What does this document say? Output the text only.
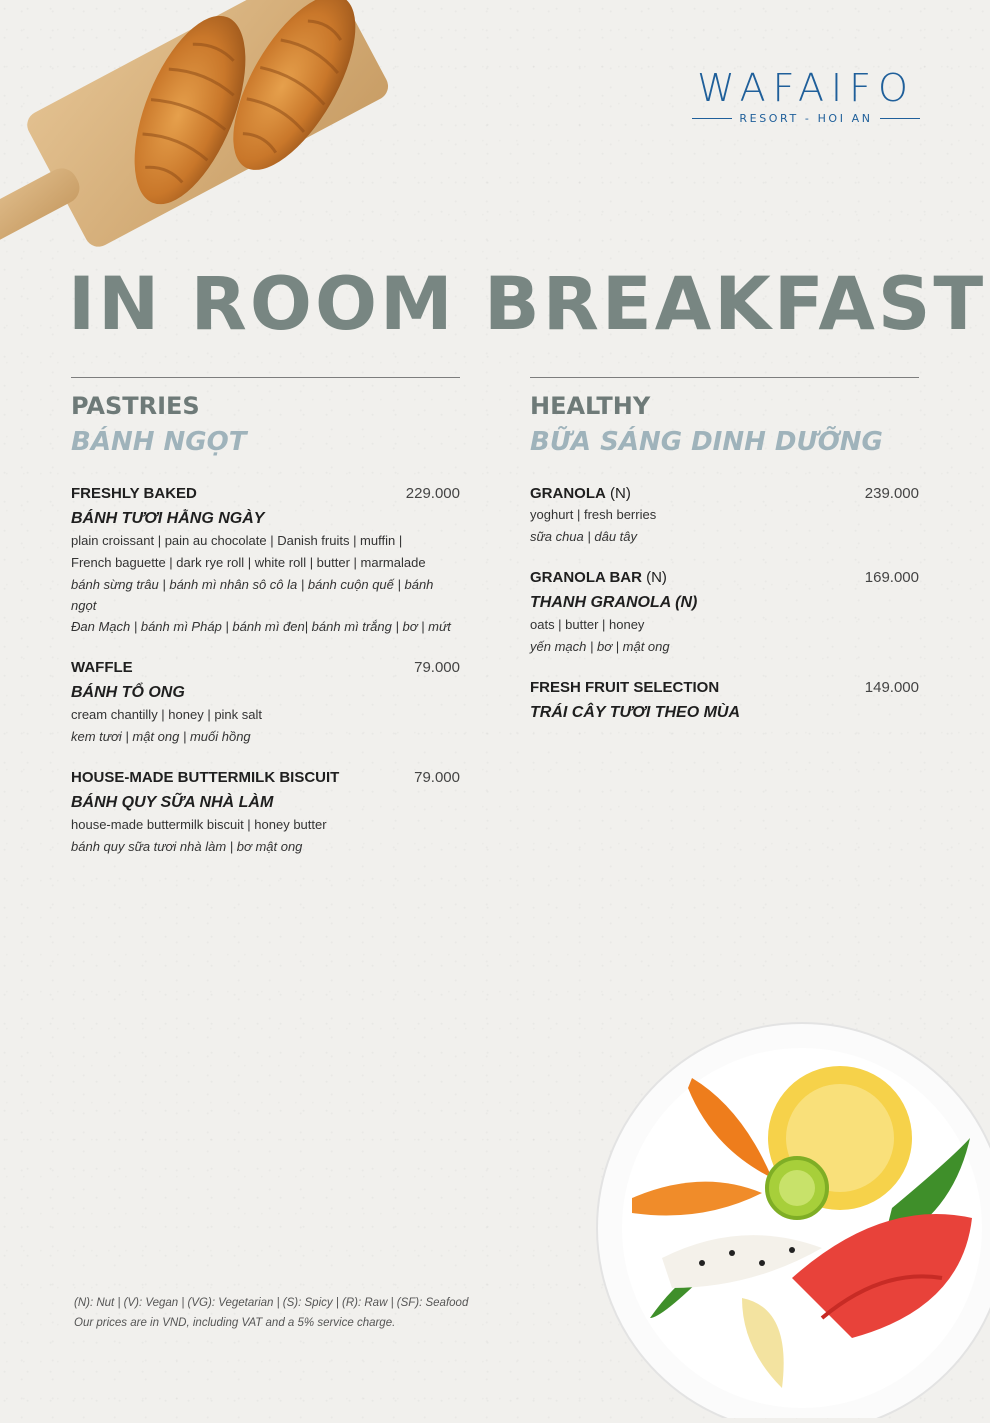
WAFAIFO
RESORT - HOI AN
IN ROOM BREAKFAST
PASTRIES
BÁNH NGỌT
FRESHLY BAKED	229.000
BÁNH TƯƠI HẰNG NGÀY
plain croissant | pain au chocolate | Danish fruits | muffin |
French baguette | dark rye roll | white roll | butter | marmalade
bánh sừng trâu | bánh mì nhân sô cô la | bánh cuộn quế | bánh ngọt
Đan Mạch | bánh mì Pháp | bánh mì đen| bánh mì trắng | bơ | mứt
WAFFLE	79.000
BÁNH TỔ ONG
cream chantilly | honey | pink salt
kem tươi | mật ong | muối hồng
HOUSE-MADE BUTTERMILK BISCUIT	79.000
BÁNH QUY SỮA NHÀ LÀM
house-made buttermilk biscuit | honey butter
bánh quy sữa tươi nhà làm | bơ mật ong
HEALTHY
BỮA SÁNG DINH DƯỠNG
GRANOLA (N)	239.000
yoghurt | fresh berries
sữa chua | dâu tây
GRANOLA BAR (N)	169.000
THANH GRANOLA (N)
oats | butter | honey
yến mạch | bơ | mật ong
FRESH FRUIT SELECTION	149.000
TRÁI CÂY TƯƠI THEO MÙA
(N): Nut | (V): Vegan | (VG): Vegetarian | (S): Spicy | (R): Raw | (SF): Seafood
Our prices are in VND, including VAT and a 5% service charge.
